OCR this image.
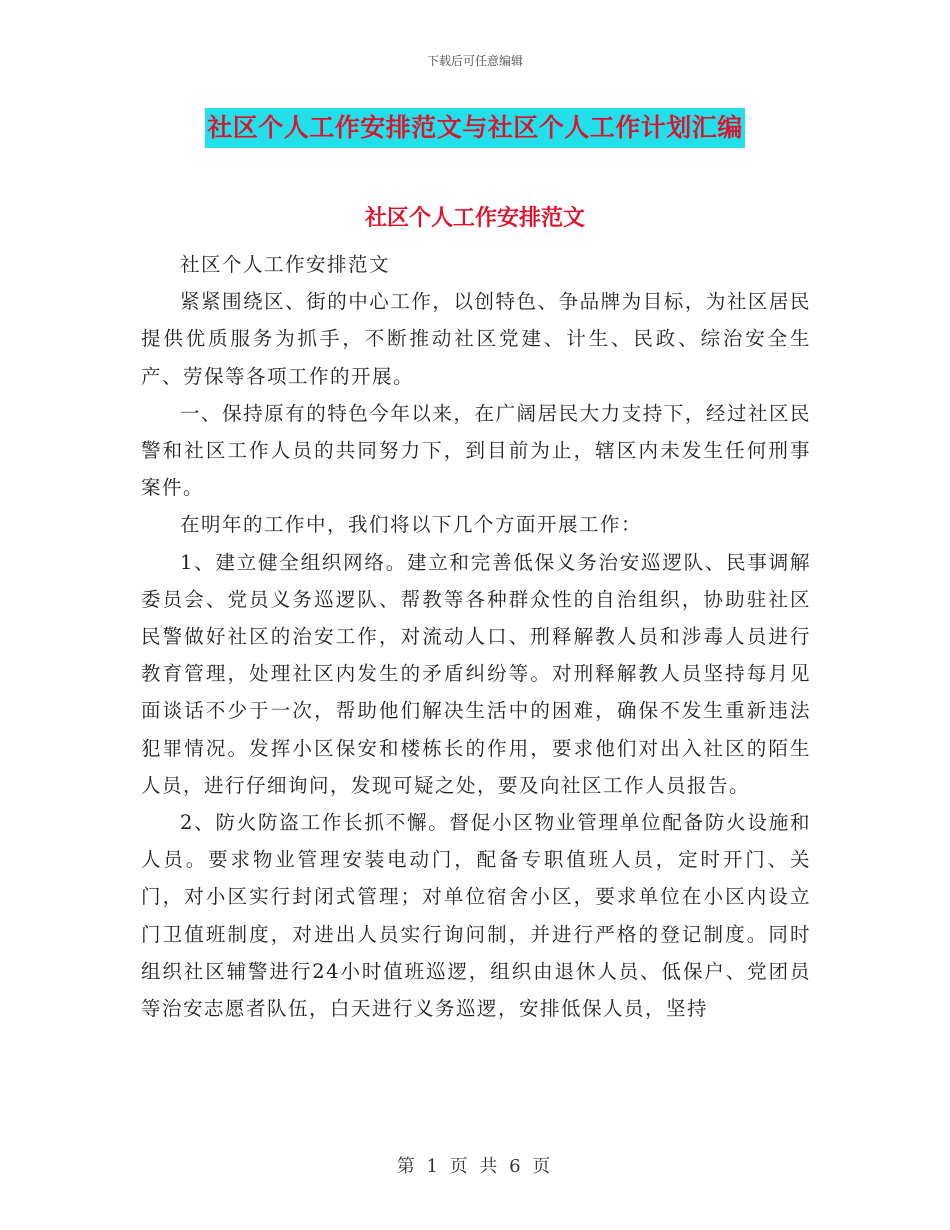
下载后可任意编辑
社区个人工作安排范文与社区个人工作计划汇编
社区个人工作安排范文

社区个人工作安排范文

紧紧围绕区、街的中心工作，以创特色、争品牌为目标，为社区居民提供优质服务为抓手，不断推动社区党建、计生、民政、综治安全生产、劳保等各项工作的开展。

一、保持原有的特色今年以来，在广阔居民大力支持下，经过社区民警和社区工作人员的共同努力下，到目前为止，辖区内未发生任何刑事案件。

在明年的工作中，我们将以下几个方面开展工作：

1、建立健全组织网络。建立和完善低保义务治安巡逻队、民事调解委员会、党员义务巡逻队、帮教等各种群众性的自治组织，协助驻社区民警做好社区的治安工作，对流动人口、刑释解教人员和涉毒人员进行教育管理，处理社区内发生的矛盾纠纷等。对刑释解教人员坚持每月见面谈话不少于一次，帮助他们解决生活中的困难，确保不发生重新违法犯罪情况。发挥小区保安和楼栋长的作用，要求他们对出入社区的陌生人员，进行仔细询问，发现可疑之处，要及向社区工作人员报告。

2、防火防盗工作长抓不懈。督促小区物业管理单位配备防火设施和人员。要求物业管理安装电动门，配备专职值班人员，定时开门、关门，对小区实行封闭式管理；对单位宿舍小区，要求单位在小区内设立门卫值班制度，对进出人员实行询问制，并进行严格的登记制度。同时组织社区辅警进行24小时值班巡逻，组织由退休人员、低保户、党团员等治安志愿者队伍，白天进行义务巡逻，安排低保人员，坚持

第 1 页 共 6 页
